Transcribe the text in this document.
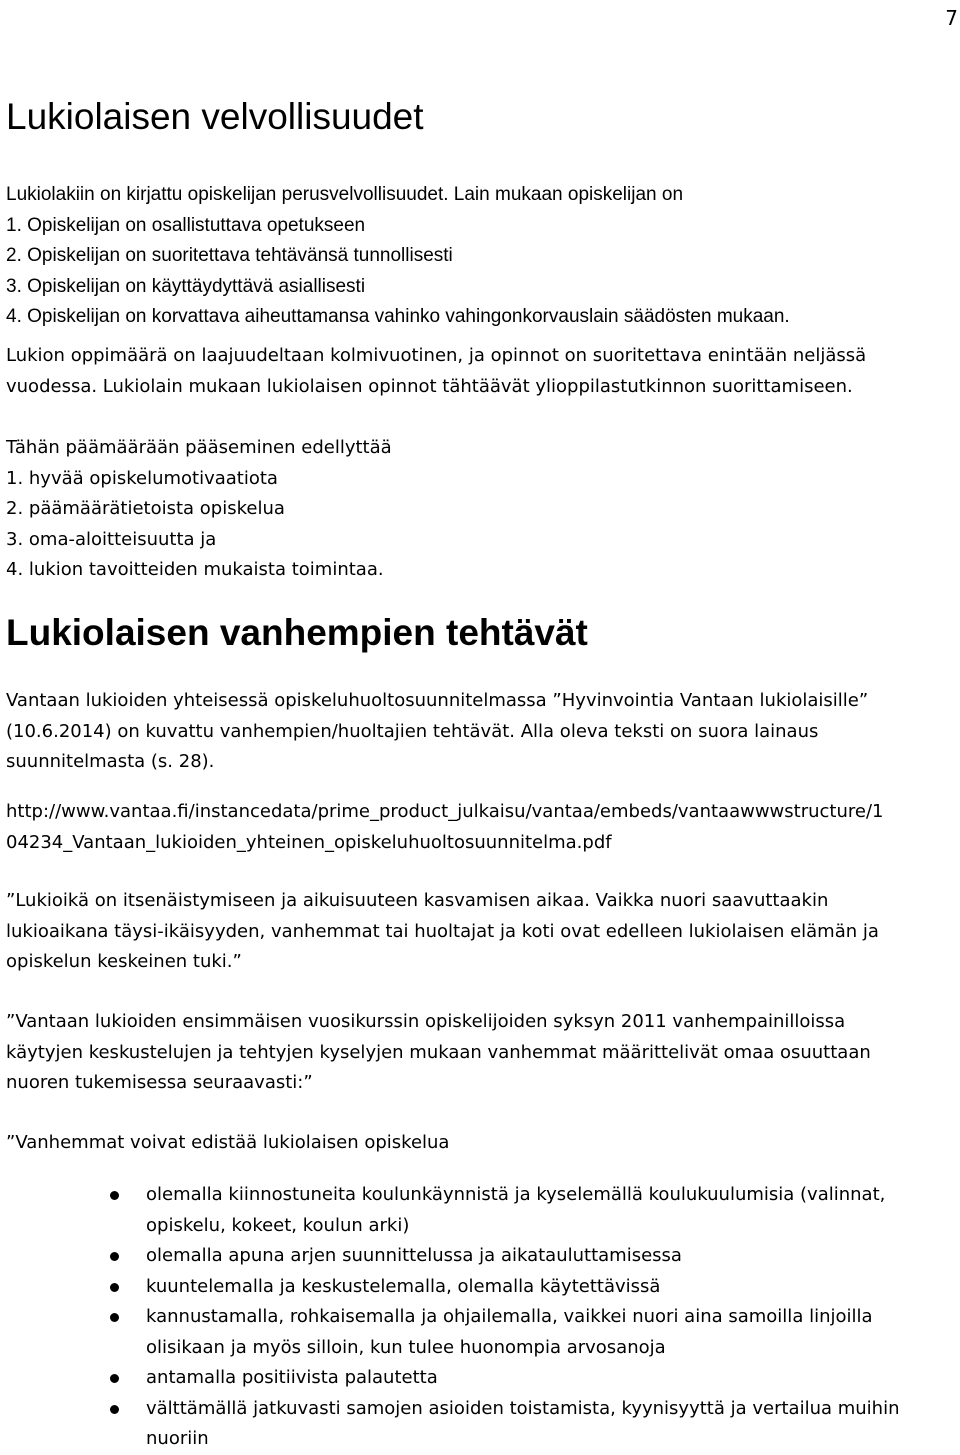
7
Lukiolaisen velvollisuudet
Lukiolakiin on kirjattu opiskelijan perusvelvollisuudet. Lain mukaan opiskelijan on
1. Opiskelijan on osallistuttava opetukseen
2. Opiskelijan on suoritettava tehtävänsä tunnollisesti
3. Opiskelijan on käyttäydyttävä asiallisesti
4. Opiskelijan on korvattava aiheuttamansa vahinko vahingonkorvauslain säädösten mukaan.
Lukion oppimäärä on laajuudeltaan kolmivuotinen, ja opinnot on suoritettava enintään neljässä
vuodessa. Lukiolain mukaan lukiolaisen opinnot tähtäävät ylioppilastutkinnon suorittamiseen.
Tähän päämäärään pääseminen edellyttää
1. hyvää opiskelumotivaatiota
2. päämäärätietoista opiskelua
3. oma-aloitteisuutta ja
4. lukion tavoitteiden mukaista toimintaa.
Lukiolaisen vanhempien tehtävät
Vantaan lukioiden yhteisessä opiskeluhuoltosuunnitelmassa ”Hyvinvointia Vantaan lukiolaisille”
(10.6.2014) on kuvattu vanhempien/huoltajien tehtävät. Alla oleva teksti on suora lainaus
suunnitelmasta (s. 28).
http://www.vantaa.fi/instancedata/prime_product_julkaisu/vantaa/embeds/vantaawwwstructure/1
04234_Vantaan_lukioiden_yhteinen_opiskeluhuoltosuunnitelma.pdf
”Lukioikä on itsenäistymiseen ja aikuisuuteen kasvamisen aikaa. Vaikka nuori saavuttaakin
lukioaikana täysi-ikäisyyden, vanhemmat tai huoltajat ja koti ovat edelleen lukiolaisen elämän ja
opiskelun keskeinen tuki.”
”Vantaan lukioiden ensimmäisen vuosikurssin opiskelijoiden syksyn 2011 vanhempainilloissa
käytyjen keskustelujen ja tehtyjen kyselyjen mukaan vanhemmat määrittelivät omaa osuuttaan
nuoren tukemisessa seuraavasti:”
”Vanhemmat voivat edistää lukiolaisen opiskelua
olemalla kiinnostuneita koulunkäynnistä ja kyselemällä koulukuulumisia (valinnat, opiskelu, kokeet, koulun arki)
olemalla apuna arjen suunnittelussa ja aikatauluttamisessa
kuuntelemalla ja keskustelemalla, olemalla käytettävissä
kannustamalla, rohkaisemalla ja ohjailemalla, vaikkei nuori aina samoilla linjoilla olisikaan ja myös silloin, kun tulee huonompia arvosanoja
antamalla positiivista palautetta
välttämällä jatkuvasti samojen asioiden toistamista, kyynisyyttä ja vertailua muihin nuoriin
